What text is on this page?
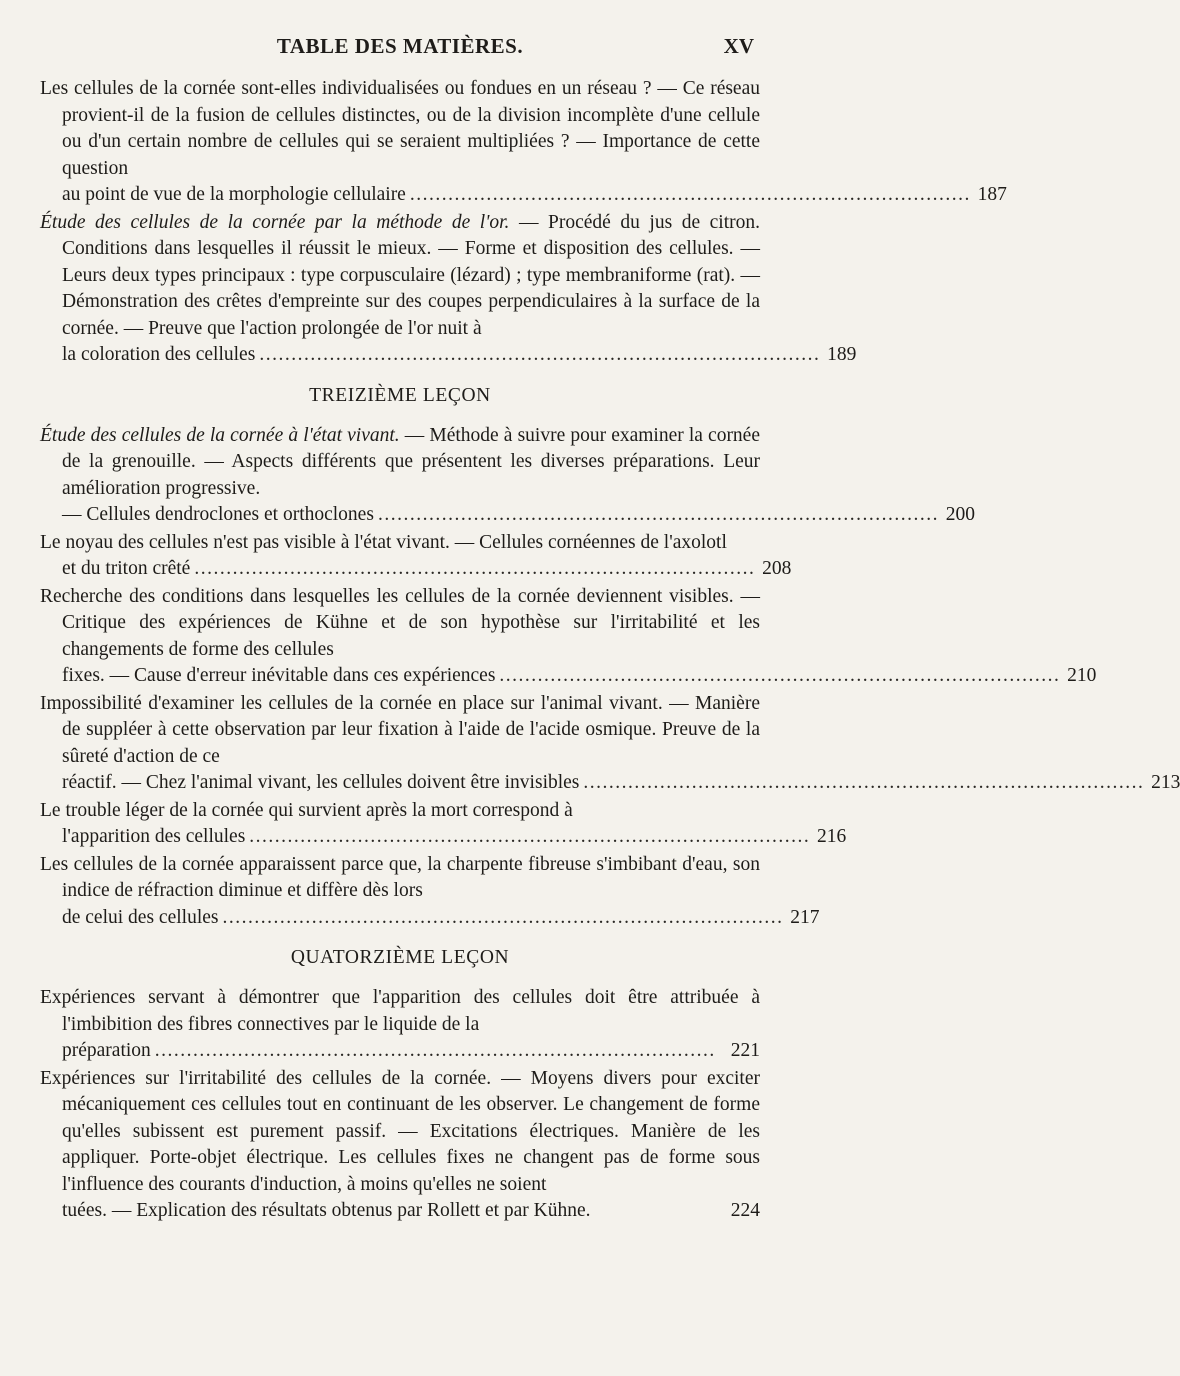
TABLE DES MATIÈRES.	XV
Les cellules de la cornée sont-elles individualisées ou fondues en un réseau ? — Ce réseau provient-il de la fusion de cellules distinctes, ou de la division incomplète d'une cellule ou d'un certain nombre de cellules qui se seraient multipliées ? — Importance de cette question
au point de vue de la morphologie cellulaire ........................................................................................ 187
Étude des cellules de la cornée par la méthode de l'or. — Procédé du jus de citron. Conditions dans lesquelles il réussit le mieux. — Forme et disposition des cellules. — Leurs deux types principaux : type corpusculaire (lézard) ; type membraniforme (rat). — Démonstration des crêtes d'empreinte sur des coupes perpendiculaires à la surface de la cornée. — Preuve que l'action prolongée de l'or nuit à
la coloration des cellules ........................................................................................ 189
TREIZIÈME LEÇON
Étude des cellules de la cornée à l'état vivant. — Méthode à suivre pour examiner la cornée de la grenouille. — Aspects différents que présentent les diverses préparations. Leur amélioration progressive.
— Cellules dendroclones et orthoclones ........................................................................................ 200
Le noyau des cellules n'est pas visible à l'état vivant. — Cellules cornéennes de l'axolotl
et du triton crêté ........................................................................................ 208
Recherche des conditions dans lesquelles les cellules de la cornée deviennent visibles. — Critique des expériences de Kühne et de son hypothèse sur l'irritabilité et les changements de forme des cellules
fixes. — Cause d'erreur inévitable dans ces expériences ........................................................................................ 210
Impossibilité d'examiner les cellules de la cornée en place sur l'animal vivant. — Manière de suppléer à cette observation par leur fixation à l'aide de l'acide osmique. Preuve de la sûreté d'action de ce
réactif. — Chez l'animal vivant, les cellules doivent être invisibles ........................................................................................ 213
Le trouble léger de la cornée qui survient après la mort correspond à
l'apparition des cellules ........................................................................................ 216
Les cellules de la cornée apparaissent parce que, la charpente fibreuse s'imbibant d'eau, son indice de réfraction diminue et diffère dès lors
de celui des cellules ........................................................................................ 217
QUATORZIÈME LEÇON
Expériences servant à démontrer que l'apparition des cellules doit être attribuée à l'imbibition des fibres connectives par le liquide de la
préparation ........................................................................................ 221
Expériences sur l'irritabilité des cellules de la cornée. — Moyens divers pour exciter mécaniquement ces cellules tout en continuant de les observer. Le changement de forme qu'elles subissent est purement passif. — Excitations électriques. Manière de les appliquer. Porte-objet électrique. Les cellules fixes ne changent pas de forme sous l'influence des courants d'induction, à moins qu'elles ne soient
tuées. — Explication des résultats obtenus par Rollett et par Kühne.	224
